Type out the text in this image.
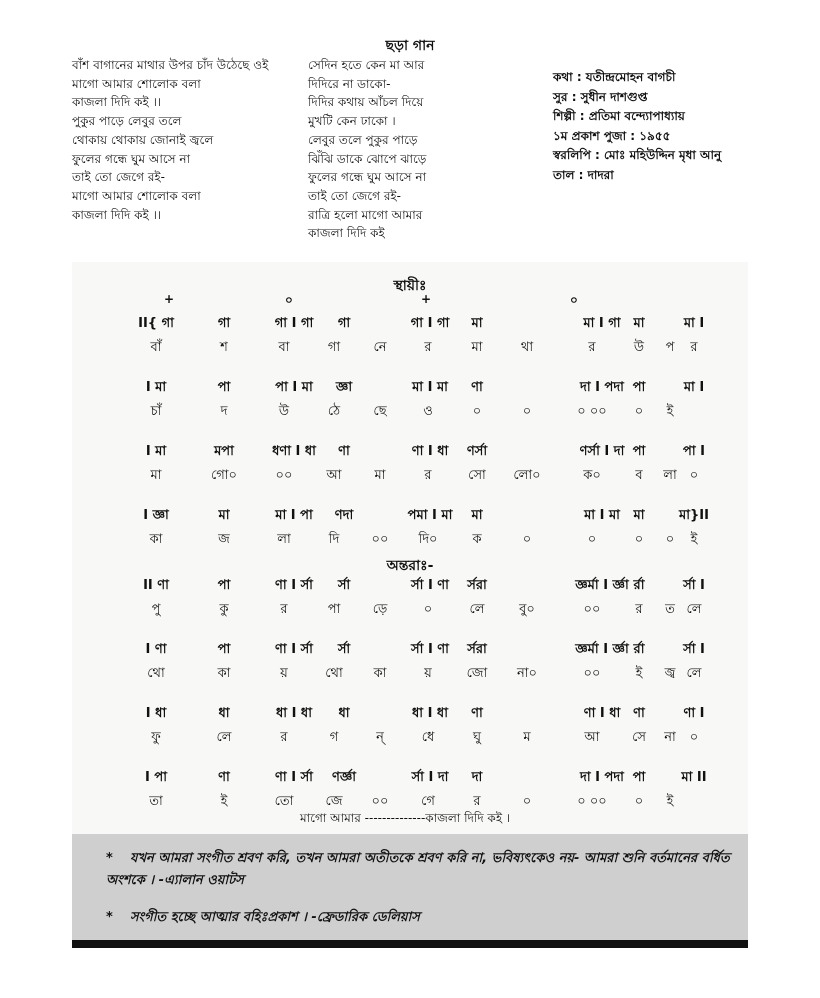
ছড়া গান
বাঁশ বাগানের মাথার উপর চাঁদ উঠেছে ওই
মাগো আমার শোলোক বলা
কাজলা দিদি কই ।।
পুকুর পাড়ে লেবুর তলে
থোকায় থোকায় জোনাই জ্বলে
ফুলের গন্ধে ঘুম আসে না
তাই তো জেগে রই-
মাগো আমার শোলোক বলা
কাজলা দিদি কই ।।
সেদিন হতে কেন মা আর
দিদিরে না ডাকো-
দিদির কথায় আঁচল দিয়ে
মুখটি কেন ঢাকো ।
লেবুর তলে পুকুর পাড়ে
ঝিঁঝি ডাকে ঝোপে ঝাড়ে
ফুলের গন্ধে ঘুম আসে না
তাই তো জেগে রই-
রাত্রি হলো মাগো আমার
কাজলা দিদি কই
কথা : যতীন্দ্রমোহন বাগচী
সুর : সুধীন দাশগুপ্ত
শিল্পী : প্রতিমা বন্দ্যোপাধ্যায়
১ম প্রকাশ পুজা : ১৯৫৫
স্বরলিপি : মোঃ মহিউদ্দিন মৃধা আনু
তাল : দাদরা
স্থায়ীঃ
+	০	+	০
II{ গা	গা	গা I গা গা	গা I গা মা	মা I গা মা	মা I
বাঁ	শ	বা	গা	নে	র	মা	থা	র	উ প র
I মা	পা	পা I মা জ্ঞা	মা I মা ণা	দা I পদা পা	মা I
চাঁ	দ	উ	ঠে	ছে	ও	০	০	০ ০০ ০ ই
I মা	মপা	ধণা I ধা ণা	ণা I ধা ণর্সা	ণর্সা I দা পা	পা I
মা	গো০	০০	আ	মা	র	সো লো০	ক০	ব লা ০
I জ্ঞা	মা	মা I পা ণদা	পমা I মা মা	মা I মা মা	মা}II
কা	জ	লা	দি ০০ দি০	ক	০	০	০ ০ ই
অন্তরাঃ-
II ণা	পা	ণা I র্সা র্সা	র্সা I ণা র্সরা	জ্ঞর্মা I র্জ্ঞা র্রা	র্সা I
পু	কু	র	পা ড়ে	০	লে	বু০	০০	র ত লে
I ণা	পা	ণা I র্সা র্সা	র্সা I ণা র্সরা	জ্ঞর্মা I র্জ্ঞা র্রা	র্সা I
থো	কা	য়	থো কা	য়	জো না০	০০	ই জ্ব লে
I ধা	ধা	ধা I ধা ধা	ধা I ধা ণা	ণা I ধা ণা	ণা I
ফু	লে	র	গ	ন্	ধে	ঘু	ম	আ সে না ০
I পা	ণা	ণা I র্সা ণর্জ্ঞা	র্সা I দা দা	দা I পদা পা	মা II
তা	ই	তো জে ০০	গে	র	০	০ ০০ ০ ই
মাগো আমার --------------কাজলা দিদি কই ।
* যখন আমরা সংগীত শ্রবণ করি, তখন আমরা অতীতকে শ্রবণ করি না, ভবিষ্যৎকেও নয়- আমরা শুনি বর্তমানের বর্ধিত অংশকে । -এ্যালান ওয়াটস
* সংগীত হচ্ছে আত্মার বহিঃপ্রকাশ । -ফ্রেডারিক ডেলিয়াস
